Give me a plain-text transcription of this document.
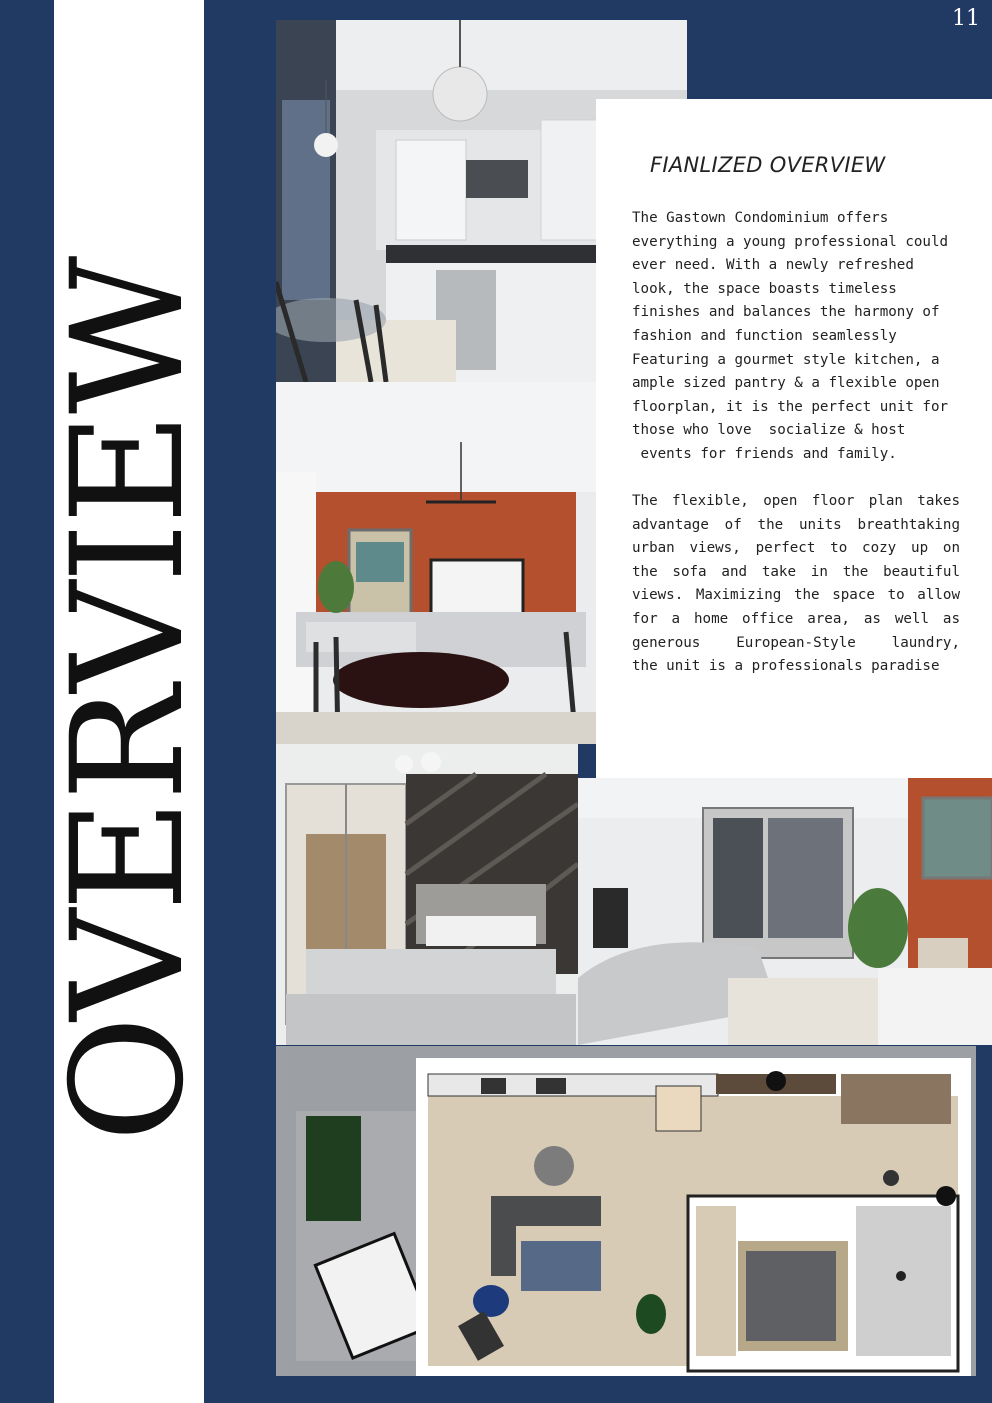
OVERVIEW
11
FIANLIZED OVERVIEW
The Gastown Condominium offers
everything a young professional could
ever need. With a newly refreshed
look, the space boasts timeless
finishes and balances the harmony of
fashion and function seamlessly
Featuring a gourmet style kitchen, a
ample sized pantry & a flexible open
floorplan, it is the perfect unit for
those who love  socialize & host
events for friends and family.
The flexible, open floor plan takes
advantage of the units breathtaking
urban views, perfect to cozy up on
the sofa and take in the beautiful
views. Maximizing the space to allow
for a home office area, as well as
generous European-Style laundry,
the unit is a professionals paradise
